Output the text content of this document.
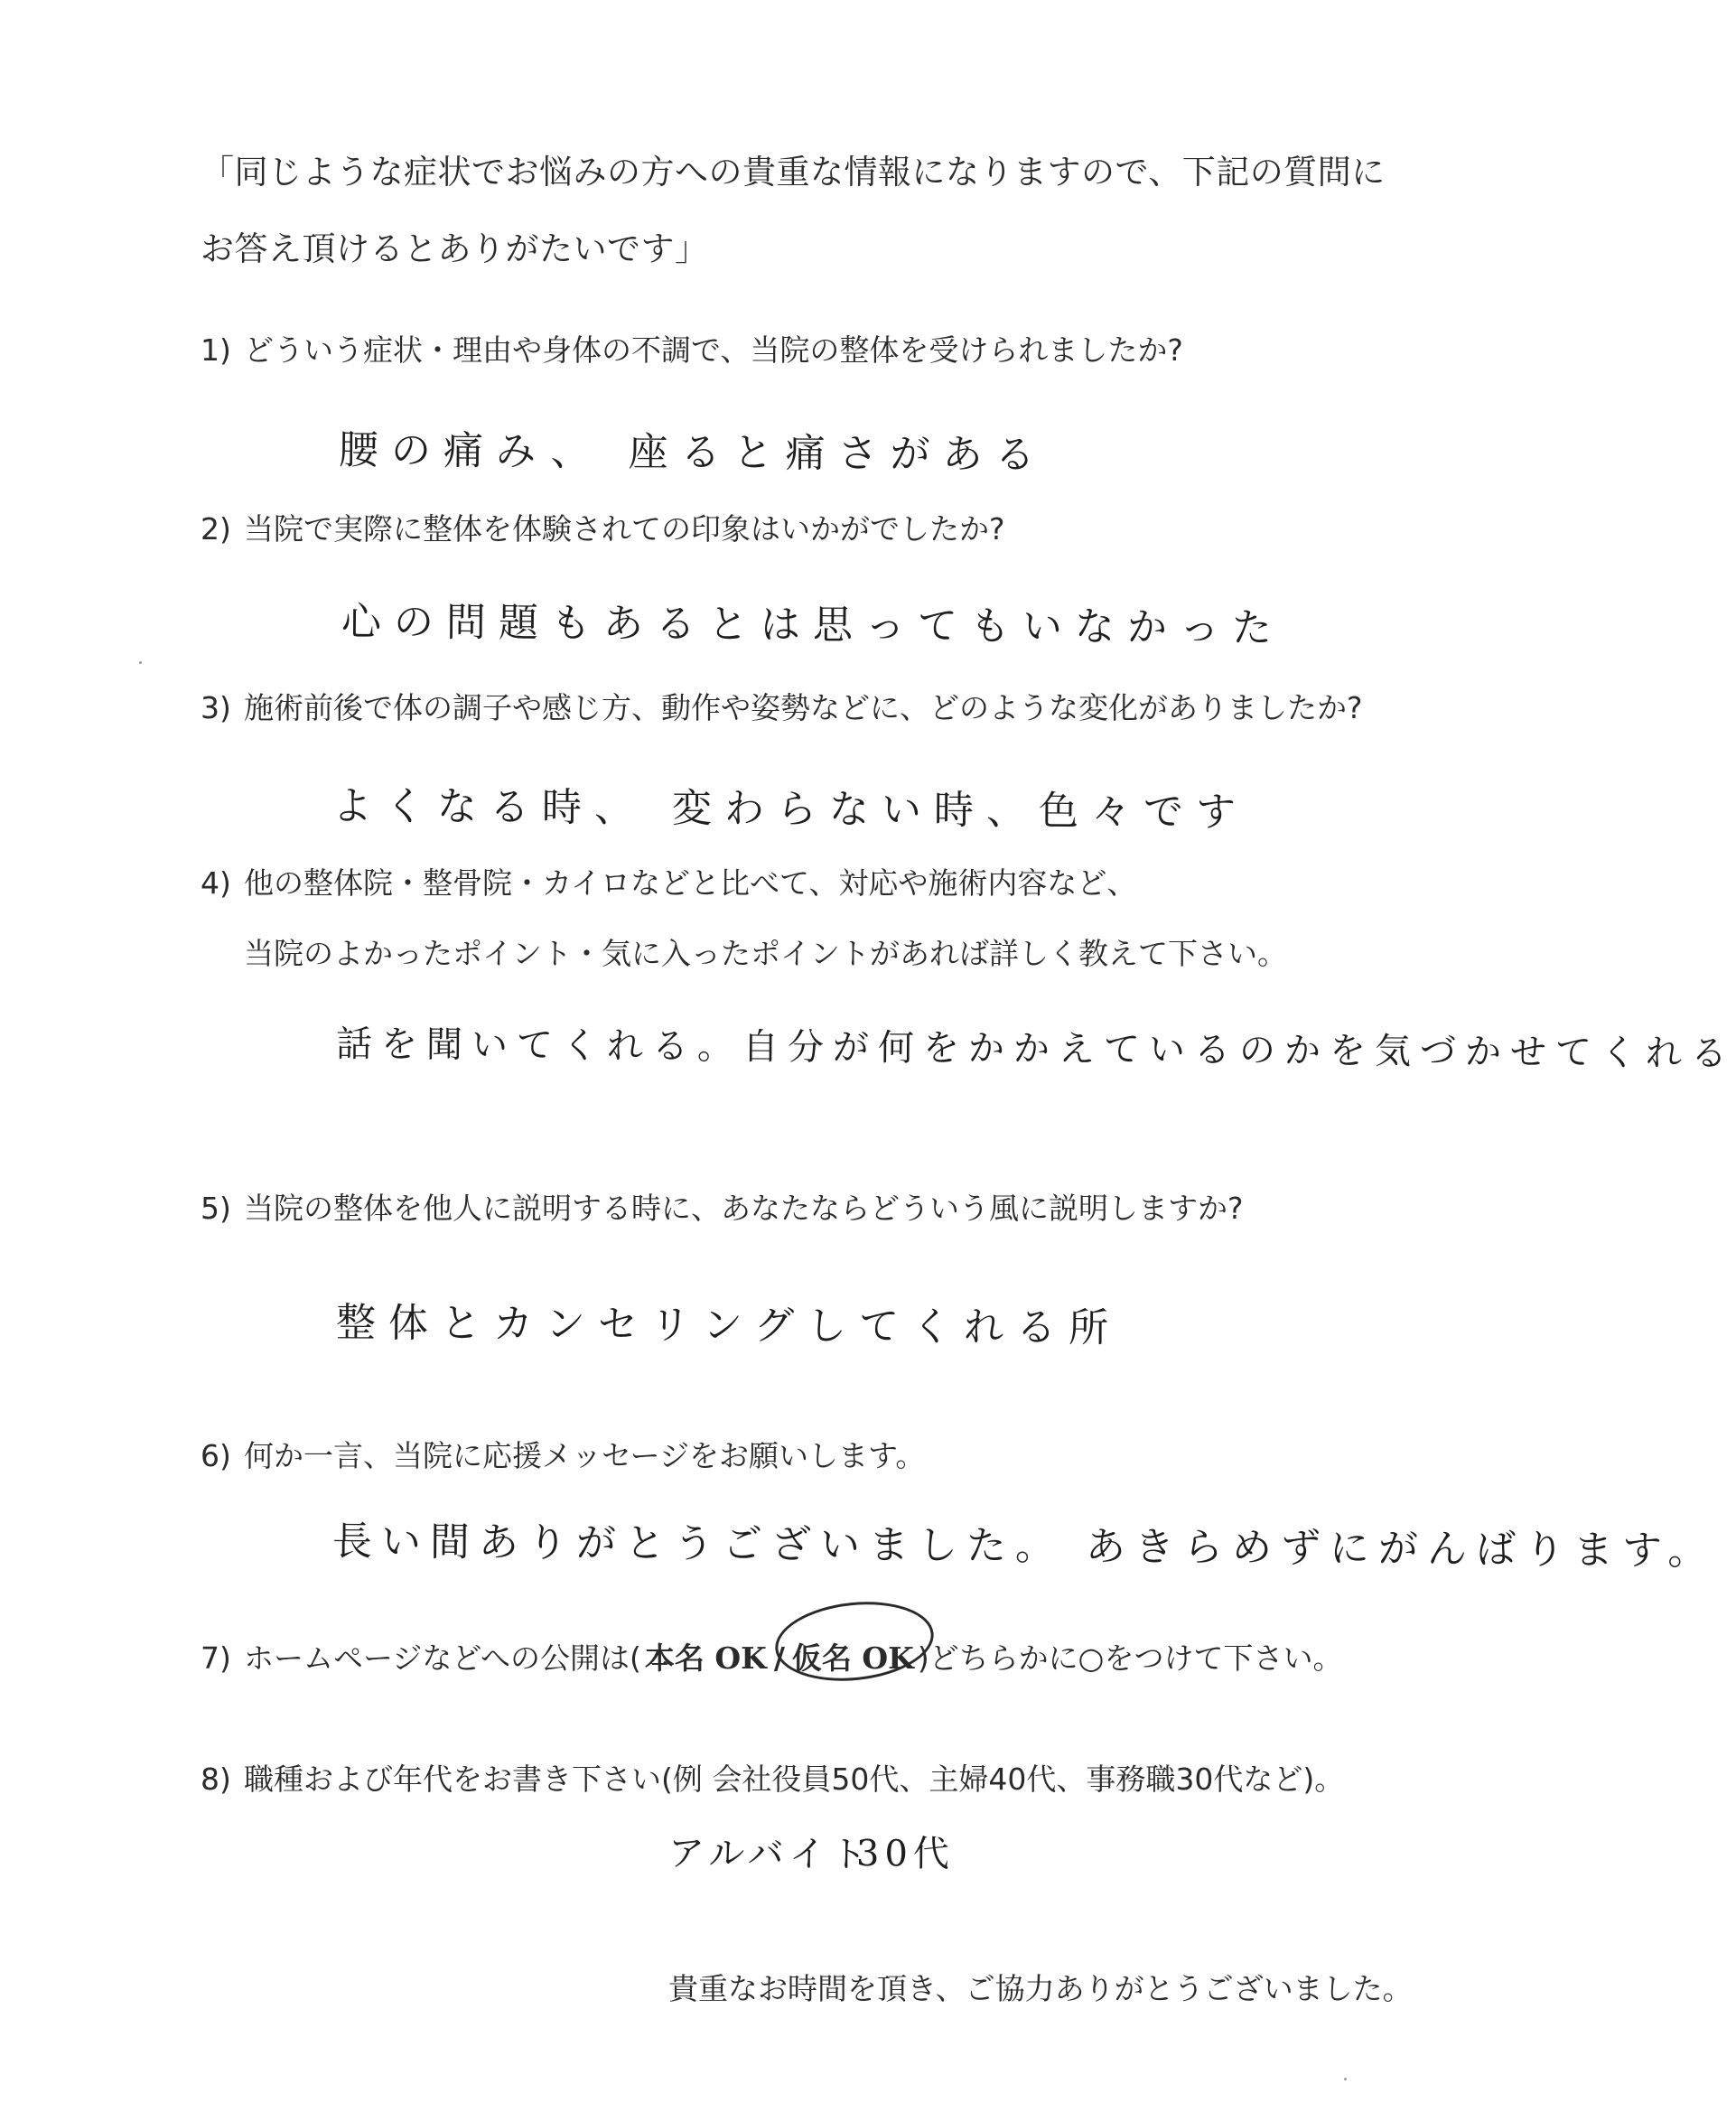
「同じような症状でお悩みの方への貴重な情報になりますので、下記の質問に
お答え頂けるとありがたいです」
1) どういう症状・理由や身体の不調で、当院の整体を受けられましたか?
腰の痛み、 座ると痛さがある
2) 当院で実際に整体を体験されての印象はいかがでしたか?
心の問題もあるとは思ってもいなかった
3) 施術前後で体の調子や感じ方、動作や姿勢などに、どのような変化がありましたか?
よくなる時、 変わらない時、色々です
4) 他の整体院・整骨院・カイロなどと比べて、対応や施術内容など、
当院のよかったポイント・気に入ったポイントがあれば詳しく教えて下さい。
話を聞いてくれる。自分が何をかかえているのかを気づかせてくれる
5) 当院の整体を他人に説明する時に、あなたならどういう風に説明しますか?
整体とカンセリングしてくれる所
6) 何か一言、当院に応援メッセージをお願いします。
長い間ありがとうございました。 あきらめずにがんばります。
7) ホームページなどへの公開は( 本名 OK / 仮名 OK )どちらかに○をつけて下さい。
8) 職種および年代をお書き下さい(例 会社役員50代、主婦40代、事務職30代など)。
アルバイト
30代
貴重なお時間を頂き、ご協力ありがとうございました。
